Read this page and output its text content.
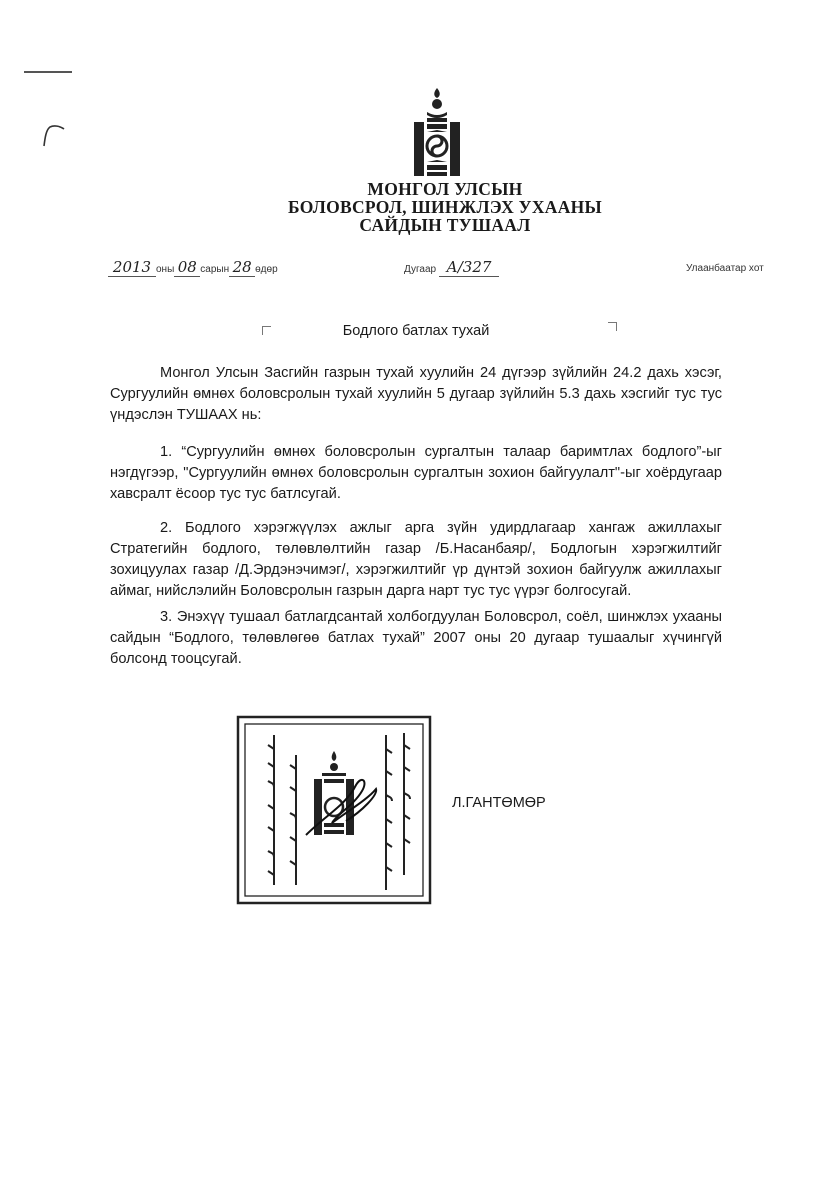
МОНГОЛ УЛСЫН
БОЛОВСРОЛ, ШИНЖЛЭХ УХААНЫ
САЙДЫН ТУШААЛ
2013 оны 08 сарын 28 өдөр	Дугаар А/327	Улаанбаатар хот
Бодлого батлах тухай

Монгол Улсын Засгийн газрын тухай хуулийн 24 дүгээр зүйлийн 24.2 дахь хэсэг, Сургуулийн өмнөх боловсролын тухай хуулийн 5 дугаар зүйлийн 5.3 дахь хэсгийг тус тус үндэслэн ТУШААХ нь:

1. “Сургуулийн өмнөх боловсролын сургалтын талаар баримтлах бодлого”-ыг нэгдүгээр, "Сургуулийн өмнөх боловсролын сургалтын зохион байгуулалт"-ыг хоёрдугаар хавсралт ёсоор тус тус батлсугай.

2. Бодлого хэрэгжүүлэх ажлыг арга зүйн удирдлагаар хангаж ажиллахыг Стратегийн бодлого, төлөвлөлтийн газар /Б.Насанбаяр/, Бодлогын хэрэгжилтийг зохицуулах газар /Д.Эрдэнэчимэг/, хэрэгжилтийг үр дүнтэй зохион байгуулж ажиллахыг аймаг, нийслэлийн Боловсролын газрын дарга нарт тус тус үүрэг болгосугай.

3. Энэхүү тушаал батлагдсантай холбогдуулан Боловсрол, соёл, шинжлэх ухааны сайдын “Бодлого, төлөвлөгөө батлах тухай” 2007 оны 20 дугаар тушаалыг хүчингүй болсонд тооцсугай.

Л.ГАНТӨМӨР
